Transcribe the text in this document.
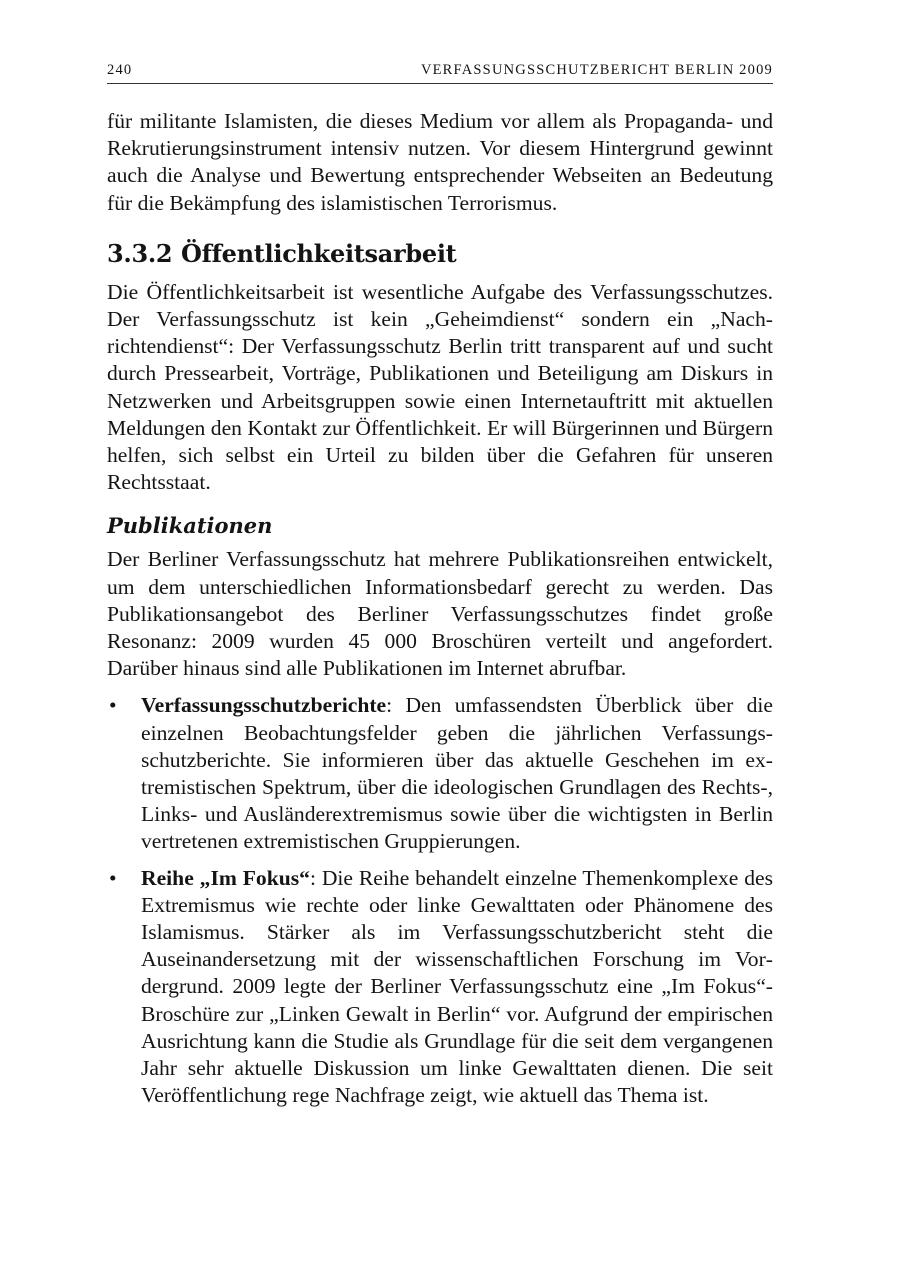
240	VERFASSUNGSSCHUTZBERICHT BERLIN 2009

für militante Islamisten, die dieses Medium vor allem als Propaganda- und Rekrutierungsinstrument intensiv nutzen. Vor diesem Hintergrund gewinnt auch die Analyse und Bewertung entsprechender Webseiten an Bedeutung für die Bekämpfung des islamistischen Terrorismus.

3.3.2 Öffentlichkeitsarbeit

Die Öffentlichkeitsarbeit ist wesentliche Aufgabe des Verfassungsschutzes. Der Verfassungsschutz ist kein „Geheimdienst“ sondern ein „Nachrichtendienst“: Der Verfassungsschutz Berlin tritt transparent auf und sucht durch Pressearbeit, Vorträge, Publikationen und Beteiligung am Diskurs in Netzwerken und Arbeitsgruppen sowie einen Internetauftritt mit aktuellen Meldungen den Kontakt zur Öffentlichkeit. Er will Bürgerinnen und Bürgern helfen, sich selbst ein Urteil zu bilden über die Gefahren für unseren Rechtsstaat.

Publikationen

Der Berliner Verfassungsschutz hat mehrere Publikationsreihen entwickelt, um dem unterschiedlichen Informationsbedarf gerecht zu werden. Das Publikationsangebot des Berliner Verfassungsschutzes findet große Resonanz: 2009 wurden 45 000 Broschüren verteilt und angefordert. Darüber hinaus sind alle Publikationen im Internet abrufbar.

•	Verfassungsschutzberichte: Den umfassendsten Überblick über die einzelnen Beobachtungsfelder geben die jährlichen Verfassungsschutzberichte. Sie informieren über das aktuelle Geschehen im extremistischen Spektrum, über die ideologischen Grundlagen des Rechts-, Links- und Ausländerextremismus sowie über die wichtigsten in Berlin vertretenen extremistischen Gruppierungen.
•	Reihe „Im Fokus“: Die Reihe behandelt einzelne Themenkomplexe des Extremismus wie rechte oder linke Gewalttaten oder Phänomene des Islamismus. Stärker als im Verfassungsschutzbericht steht die Auseinandersetzung mit der wissenschaftlichen Forschung im Vordergrund. 2009 legte der Berliner Verfassungsschutz eine „Im Fokus“-Broschüre zur „Linken Gewalt in Berlin“ vor. Aufgrund der empirischen Ausrichtung kann die Studie als Grundlage für die seit dem vergangenen Jahr sehr aktuelle Diskussion um linke Gewalttaten dienen. Die seit Veröffentlichung rege Nachfrage zeigt, wie aktuell das Thema ist.
